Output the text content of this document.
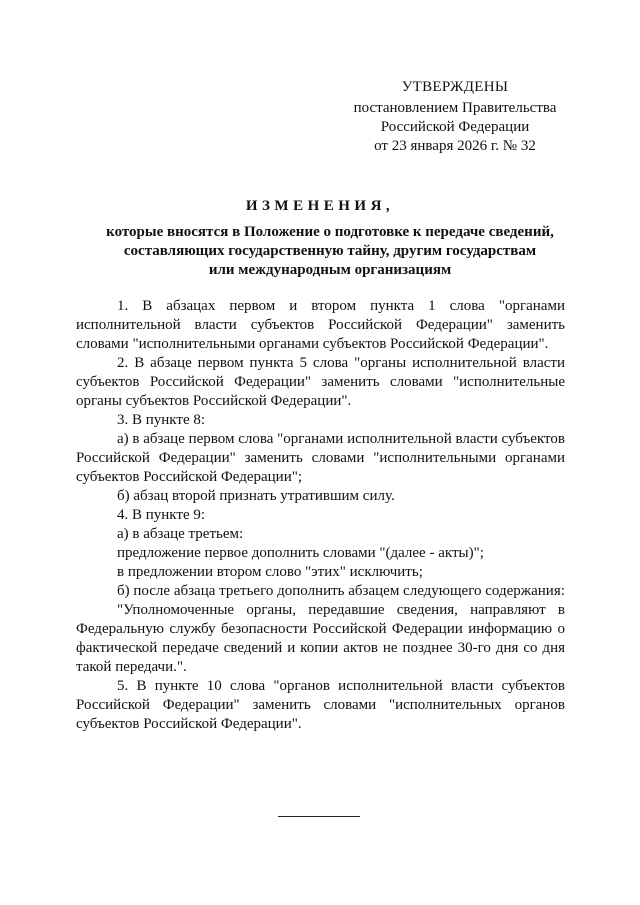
УТВЕРЖДЕНЫ
постановлением Правительства
Российской Федерации
от 23 января 2026 г. № 32
ИЗМЕНЕНИЯ,
которые вносятся в Положение о подготовке к передаче сведений,
составляющих государственную тайну, другим государствам
или международным организациям

1. В абзацах первом и втором пункта 1 слова "органами исполнительной власти субъектов Российской Федерации" заменить словами "исполнительными органами субъектов Российской Федерации".

2. В абзаце первом пункта 5 слова "органы исполнительной власти субъектов Российской Федерации" заменить словами "исполнительные органы субъектов Российской Федерации".

3. В пункте 8:

а) в абзаце первом слова "органами исполнительной власти субъектов Российской Федерации" заменить словами "исполнительными органами субъектов Российской Федерации";

б) абзац второй признать утратившим силу.

4. В пункте 9:

а) в абзаце третьем:

предложение первое дополнить словами "(далее - акты)";

в предложении втором слово "этих" исключить;

б) после абзаца третьего дополнить абзацем следующего содержания:

"Уполномоченные органы, передавшие сведения, направляют в Федеральную службу безопасности Российской Федерации информацию о фактической передаче сведений и копии актов не позднее 30-го дня со дня такой передачи.".

5. В пункте 10 слова "органов исполнительной власти субъектов Российской Федерации" заменить словами "исполнительных органов субъектов Российской Федерации".
